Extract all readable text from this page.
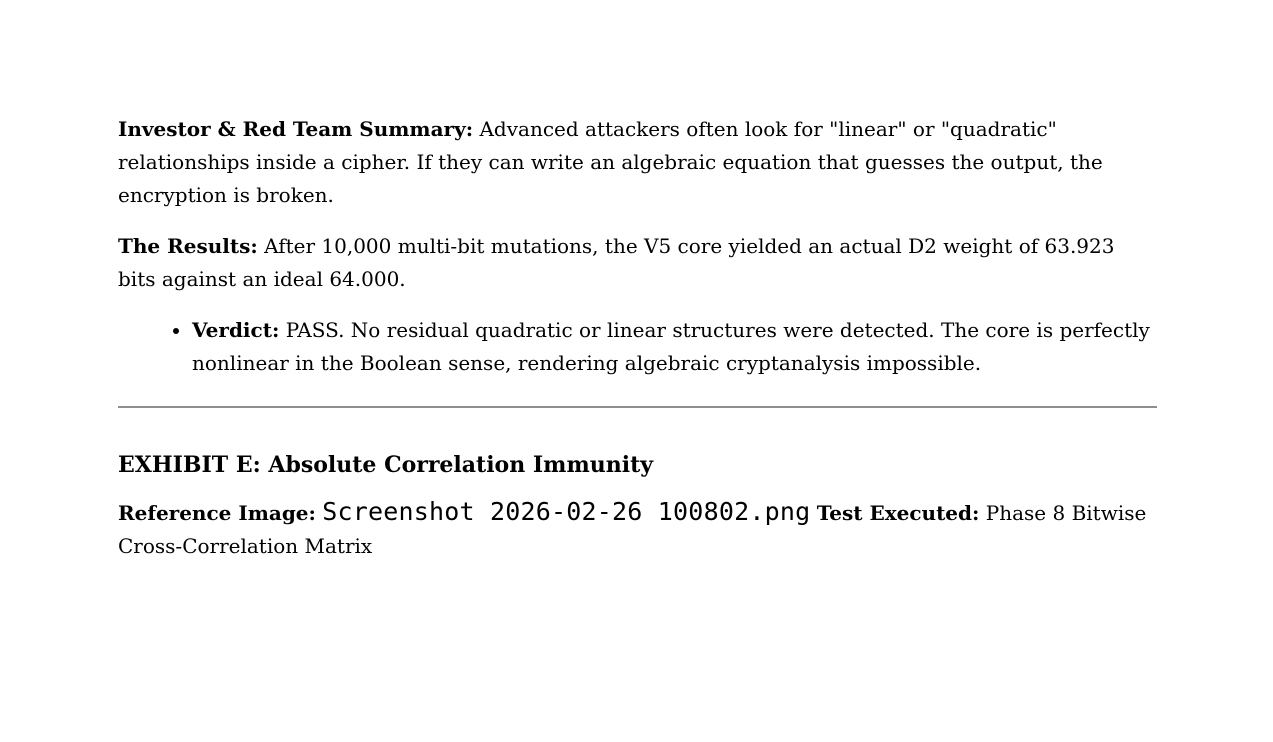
Investor & Red Team Summary: Advanced attackers often look for "linear" or "quadratic" relationships inside a cipher. If they can write an algebraic equation that guesses the output, the encryption is broken.

The Results: After 10,000 multi-bit mutations, the V5 core yielded an actual D2 weight of 63.923 bits against an ideal 64.000.

• Verdict: PASS. No residual quadratic or linear structures were detected. The core is perfectly nonlinear in the Boolean sense, rendering algebraic cryptanalysis impossible.
EXHIBIT E: Absolute Correlation Immunity

Reference Image: Screenshot 2026-02-26 100802.png Test Executed: Phase 8 Bitwise Cross-Correlation Matrix
